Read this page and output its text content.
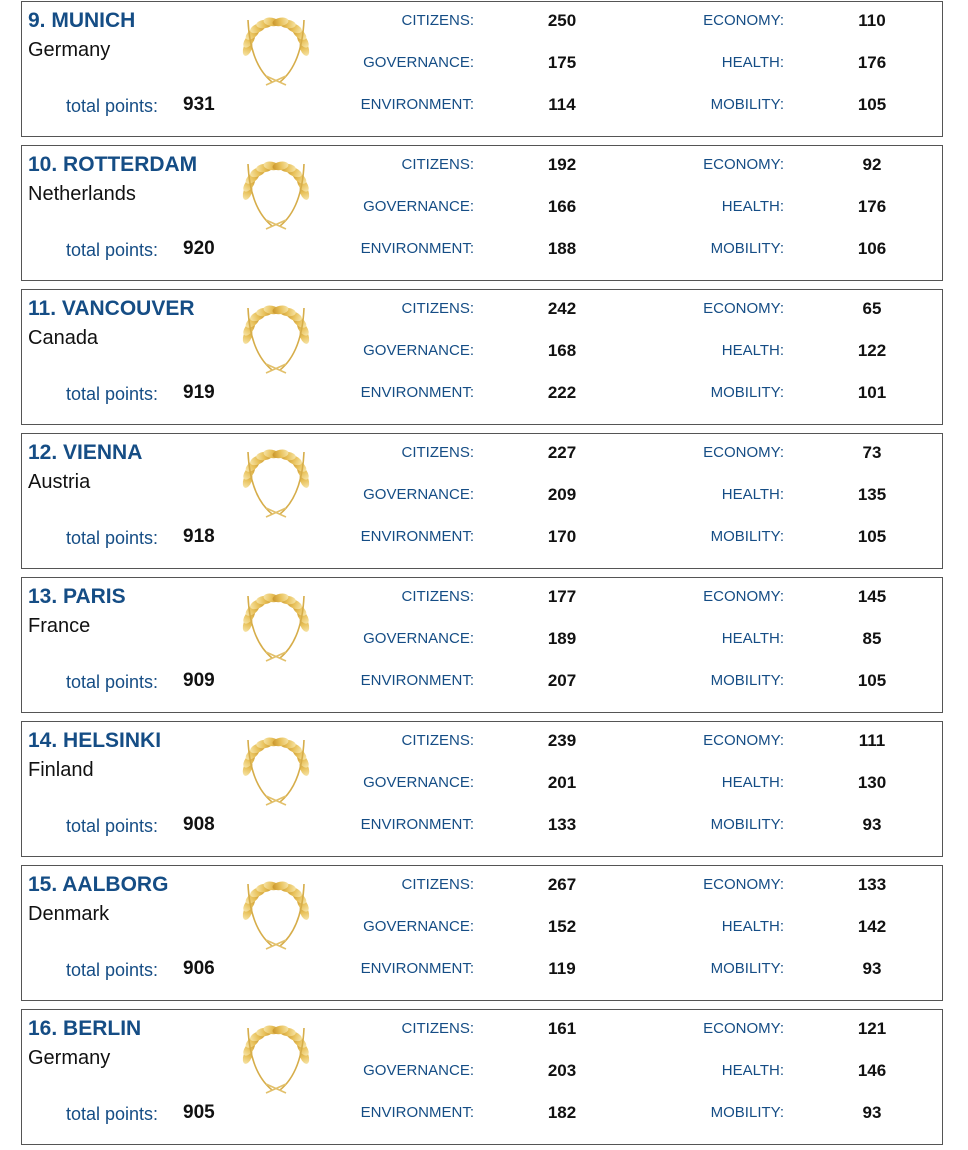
9. MUNICH
Germany
total points: 931
CITIZENS:	250
GOVERNANCE:	175
ENVIRONMENT:	114
ECONOMY:	110
HEALTH:	176
MOBILITY:	105
10. ROTTERDAM
Netherlands
total points: 920
CITIZENS:	192
GOVERNANCE:	166
ENVIRONMENT:	188
ECONOMY:	92
HEALTH:	176
MOBILITY:	106
11. VANCOUVER
Canada
total points: 919
CITIZENS:	242
GOVERNANCE:	168
ENVIRONMENT:	222
ECONOMY:	65
HEALTH:	122
MOBILITY:	101
12. VIENNA
Austria
total points: 918
CITIZENS:	227
GOVERNANCE:	209
ENVIRONMENT:	170
ECONOMY:	73
HEALTH:	135
MOBILITY:	105
13. PARIS
France
total points: 909
CITIZENS:	177
GOVERNANCE:	189
ENVIRONMENT:	207
ECONOMY:	145
HEALTH:	85
MOBILITY:	105
14. HELSINKI
Finland
total points: 908
CITIZENS:	239
GOVERNANCE:	201
ENVIRONMENT:	133
ECONOMY:	111
HEALTH:	130
MOBILITY:	93
15. AALBORG
Denmark
total points: 906
CITIZENS:	267
GOVERNANCE:	152
ENVIRONMENT:	119
ECONOMY:	133
HEALTH:	142
MOBILITY:	93
16. BERLIN
Germany
total points: 905
CITIZENS:	161
GOVERNANCE:	203
ENVIRONMENT:	182
ECONOMY:	121
HEALTH:	146
MOBILITY:	93
